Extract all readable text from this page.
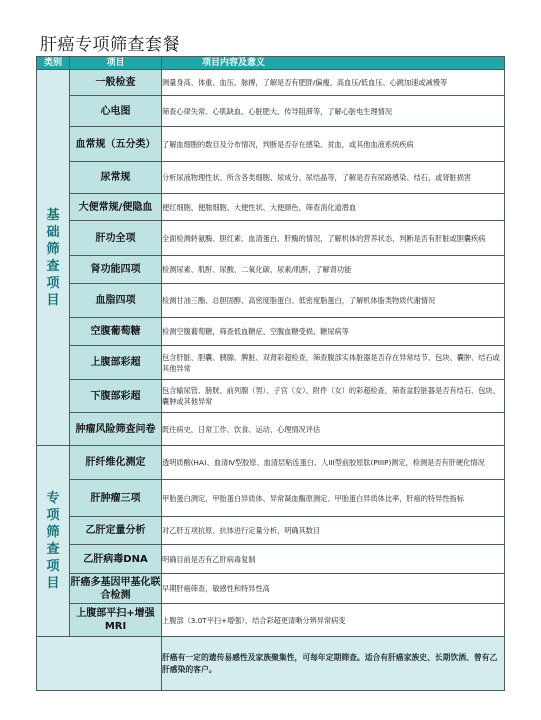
肝癌专项筛查套餐
类别	项目	项目内容及意义
基础筛查项目	一般检查	测量身高、体重、血压、脉搏，了解是否有肥胖/偏瘦、高血压/低血压、心跳加速或减慢等
	心电图	筛查心律失常、心肌缺血、心脏肥大、传导阻滞等，了解心脏电生理情况
	血常规（五分类）	了解血细胞的数目及分布情况，判断是否存在感染、贫血，或其他血液系统疾病
	尿常规	分析尿液物理性状、所含各类细胞、尿成分、尿结晶等，了解是否有尿路感染、结石，或肾脏损害
	大便常规/便隐血	便红细胞、便脓细胞、大便性状、大便颜色，筛查消化道潜血
	肝功全项	全面检测转氨酶、胆红素、血清蛋白、肝酶的情况，了解机体的营养状态，判断是否有肝脏或胆囊疾病
	肾功能四项	检测尿素、肌酐、尿酸、二氧化碳、尿素/肌酐，了解肾功能
	血脂四项	检测甘油三酯、总胆固醇、高密度脂蛋白、低密度脂蛋白，了解机体脂类物质代谢情况
	空腹葡萄糖	检测空腹葡萄糖，筛查低血糖症、空腹血糖受损、糖尿病等
	上腹部彩超	包含肝脏、胆囊、胰腺、脾脏、双肾彩超检查，筛查腹部实体脏器是否存在异常结节、包块、囊肿、结石或其他异常
	下腹部彩超	包含输尿管、膀胱、前列腺（男）、子宫（女）、附件（女）的彩超检查，筛查盆腔脏器是否有结石、包块、囊肿或其他异常
	肿瘤风险筛查问卷	既往病史，日常工作、饮食、运动、心理情况评估
专项筛查项目	肝纤维化测定	透明质酸(HA)、血清Ⅳ型胶原、血清层粘连蛋白、人III型前胶原肽(PIIIP)测定，检测是否有肝硬化情况
	肝肿瘤三项	甲胎蛋白测定、甲胎蛋白异质体、异常凝血酶原测定、甲胎蛋白异质体比率，肝癌的特异性指标
	乙肝定量分析	对乙肝五项抗原、抗体进行定量分析，明确其数目
	乙肝病毒DNA	明确目前是否有乙肝病毒复制
	肝癌多基因甲基化联合检测	早期肝癌筛查，敏感性和特异性高
	上腹部平扫+增强MRI	上腹部（3.0T平扫+增强），结合彩超更清晰分辨异常病变
		肝癌有一定的遗传易感性及家族聚集性，可每年定期筛查。适合有肝癌家族史、长期饮酒、曾有乙肝感染的客户。
